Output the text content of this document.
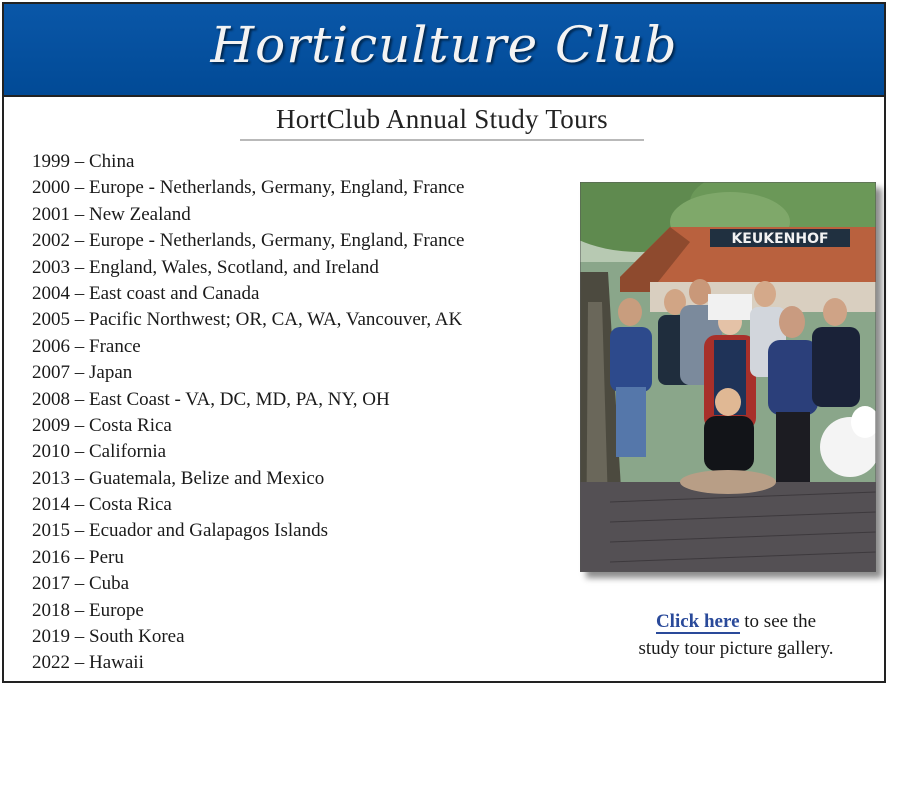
Horticulture Club
HortClub Annual Study Tours
1999 – China
2000 – Europe - Netherlands, Germany, England, France
2001 – New Zealand
2002 – Europe - Netherlands, Germany, England, France
2003 – England, Wales, Scotland, and Ireland
2004 – East coast and Canada
2005 – Pacific Northwest; OR, CA, WA, Vancouver, AK
2006 – France
2007 – Japan
2008 – East Coast - VA, DC, MD, PA, NY, OH
2009 – Costa Rica
2010 – California
2013 – Guatemala, Belize and Mexico
2014 – Costa Rica
2015 – Ecuador and Galapagos Islands
2016 – Peru
2017 – Cuba
2018 – Europe
2019 – South Korea
2022 – Hawaii
KEUKENHOF
Click here to see the
study tour picture gallery.
